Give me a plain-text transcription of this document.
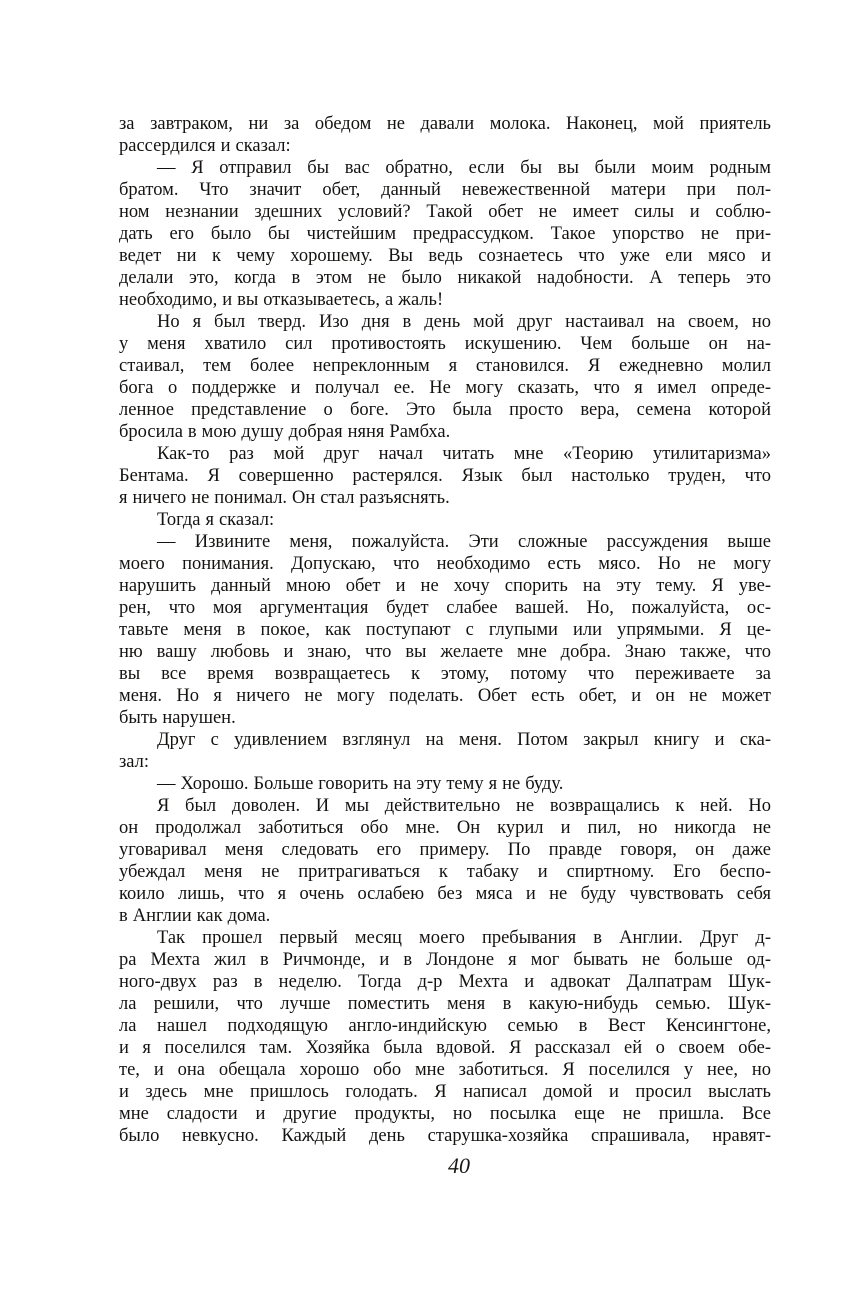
за завтраком, ни за обедом не давали молока. Наконец, мой приятель
рассердился и сказал:
— Я отправил бы вас обратно, если бы вы были моим родным
братом. Что значит обет, данный невежественной матери при пол-
ном незнании здешних условий? Такой обет не имеет силы и соблю-
дать его было бы чистейшим предрассудком. Такое упорство не при-
ведет ни к чему хорошему. Вы ведь сознаетесь что уже ели мясо и
делали это, когда в этом не было никакой надобности. А теперь это
необходимо, и вы отказываетесь, а жаль!
Но я был тверд. Изо дня в день мой друг настаивал на своем, но
у меня хватило сил противостоять искушению. Чем больше он на-
стаивал, тем более непреклонным я становился. Я ежедневно молил
бога о поддержке и получал ее. Не могу сказать, что я имел опреде-
ленное представление о боге. Это была просто вера, семена которой
бросила в мою душу добрая няня Рамбха.
Как-то раз мой друг начал читать мне «Теорию утилитаризма»
Бентама. Я совершенно растерялся. Язык был настолько труден, что
я ничего не понимал. Он стал разъяснять.
Тогда я сказал:
— Извините меня, пожалуйста. Эти сложные рассуждения выше
моего понимания. Допускаю, что необходимо есть мясо. Но не могу
нарушить данный мною обет и не хочу спорить на эту тему. Я уве-
рен, что моя аргументация будет слабее вашей. Но, пожалуйста, ос-
тавьте меня в покое, как поступают с глупыми или упрямыми. Я це-
ню вашу любовь и знаю, что вы желаете мне добра. Знаю также, что
вы все время возвращаетесь к этому, потому что переживаете за
меня. Но я ничего не могу поделать. Обет есть обет, и он не может
быть нарушен.
Друг с удивлением взглянул на меня. Потом закрыл книгу и ска-
зал:
— Хорошо. Больше говорить на эту тему я не буду.
Я был доволен. И мы действительно не возвращались к ней. Но
он продолжал заботиться обо мне. Он курил и пил, но никогда не
уговаривал меня следовать его примеру. По правде говоря, он даже
убеждал меня не притрагиваться к табаку и спиртному. Его беспо-
коило лишь, что я очень ослабею без мяса и не буду чувствовать себя
в Англии как дома.
Так прошел первый месяц моего пребывания в Англии. Друг д-
ра Мехта жил в Ричмонде, и в Лондоне я мог бывать не больше од-
ного-двух раз в неделю. Тогда д-р Мехта и адвокат Далпатрам Шук-
ла решили, что лучше поместить меня в какую-нибудь семью. Шук-
ла нашел подходящую англо-индийскую семью в Вест Кенсингтоне,
и я поселился там. Хозяйка была вдовой. Я рассказал ей о своем обе-
те, и она обещала хорошо обо мне заботиться. Я поселился у нее, но
и здесь мне пришлось голодать. Я написал домой и просил выслать
мне сладости и другие продукты, но посылка еще не пришла. Все
было невкусно. Каждый день старушка-хозяйка спрашивала, нравят-
40
